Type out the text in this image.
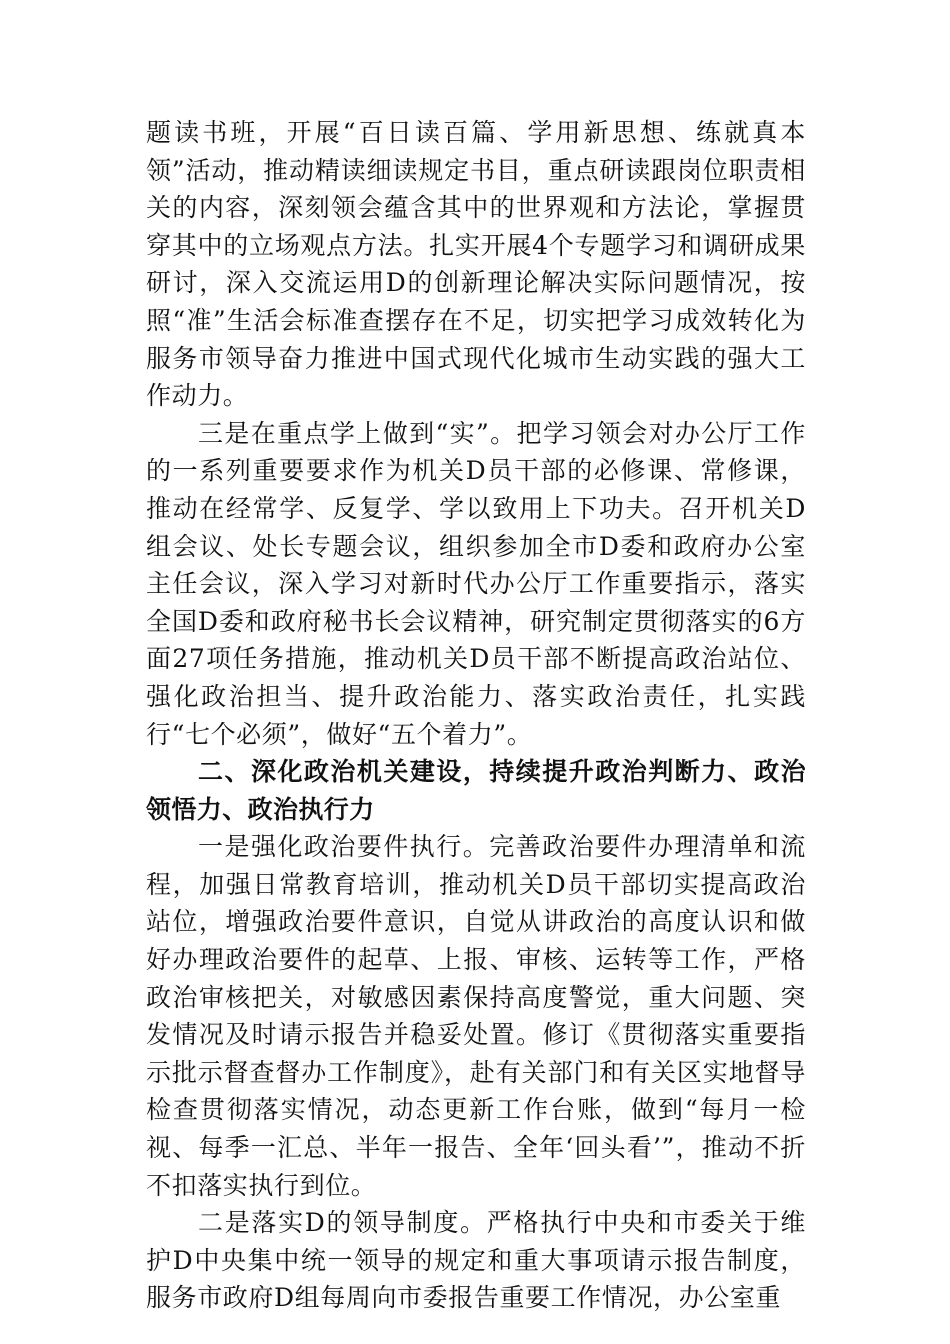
题读书班，开展“百日读百篇、学用新思想、练就真本领”活动，推动精读细读规定书目，重点研读跟岗位职责相关的内容，深刻领会蕴含其中的世界观和方法论，掌握贯穿其中的立场观点方法。扎实开展4个专题学习和调研成果研讨，深入交流运用D的创新理论解决实际问题情况，按照“准”生活会标准查摆存在不足，切实把学习成效转化为服务市领导奋力推进中国式现代化城市生动实践的强大工作动力。

三是在重点学上做到“实”。把学习领会对办公厅工作的一系列重要要求作为机关D员干部的必修课、常修课，推动在经常学、反复学、学以致用上下功夫。召开机关D组会议、处长专题会议，组织参加全市D委和政府办公室主任会议，深入学习对新时代办公厅工作重要指示，落实全国D委和政府秘书长会议精神，研究制定贯彻落实的6方面27项任务措施，推动机关D员干部不断提高政治站位、强化政治担当、提升政治能力、落实政治责任，扎实践行“七个必须”，做好“五个着力”。

二、深化政治机关建设，持续提升政治判断力、政治领悟力、政治执行力

一是强化政治要件执行。完善政治要件办理清单和流程，加强日常教育培训，推动机关D员干部切实提高政治站位，增强政治要件意识，自觉从讲政治的高度认识和做好办理政治要件的起草、上报、审核、运转等工作，严格政治审核把关，对敏感因素保持高度警觉，重大问题、突发情况及时请示报告并稳妥处置。修订《贯彻落实重要指示批示督查督办工作制度》，赴有关部门和有关区实地督导检查贯彻落实情况，动态更新工作台账，做到“每月一检视、每季一汇总、半年一报告、全年‘回头看’”，推动不折不扣落实执行到位。

二是落实D的领导制度。严格执行中央和市委关于维护D中央集中统一领导的规定和重大事项请示报告制度，服务市政府D组每周向市委报告重要工作情况，办公室重
